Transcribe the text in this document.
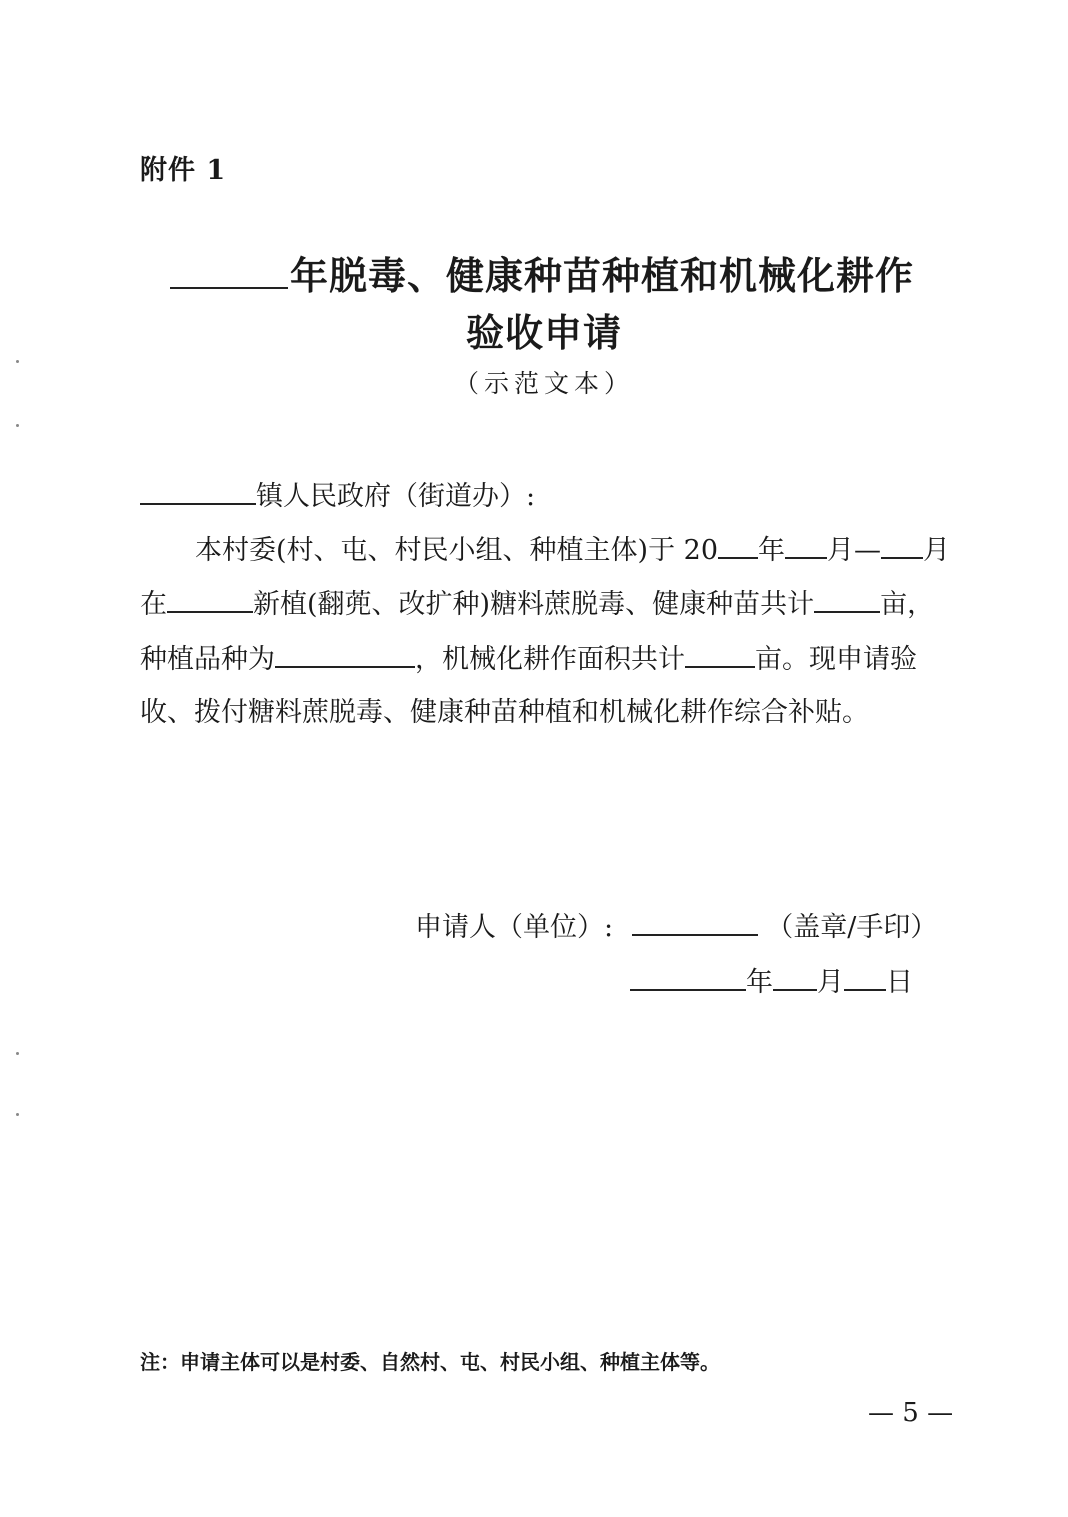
附件 1
年脱毒、健康种苗种植和机械化耕作
验收申请
（示范文本）
镇人民政府（街道办）:
本村委(村、屯、村民小组、种植主体)于 20 年 月— 月
在	新植(翻蔸、改扩种)糖料蔗脱毒、健康种苗共计 亩，
种植品种为	，机械化耕作面积共计	亩。现申请验
收、拨付糖料蔗脱毒、健康种苗种植和机械化耕作综合补贴。
申请人（单位）:	（盖章/手印）
年 月 日
注：申请主体可以是村委、自然村、屯、村民小组、种植主体等。
— 5 —
